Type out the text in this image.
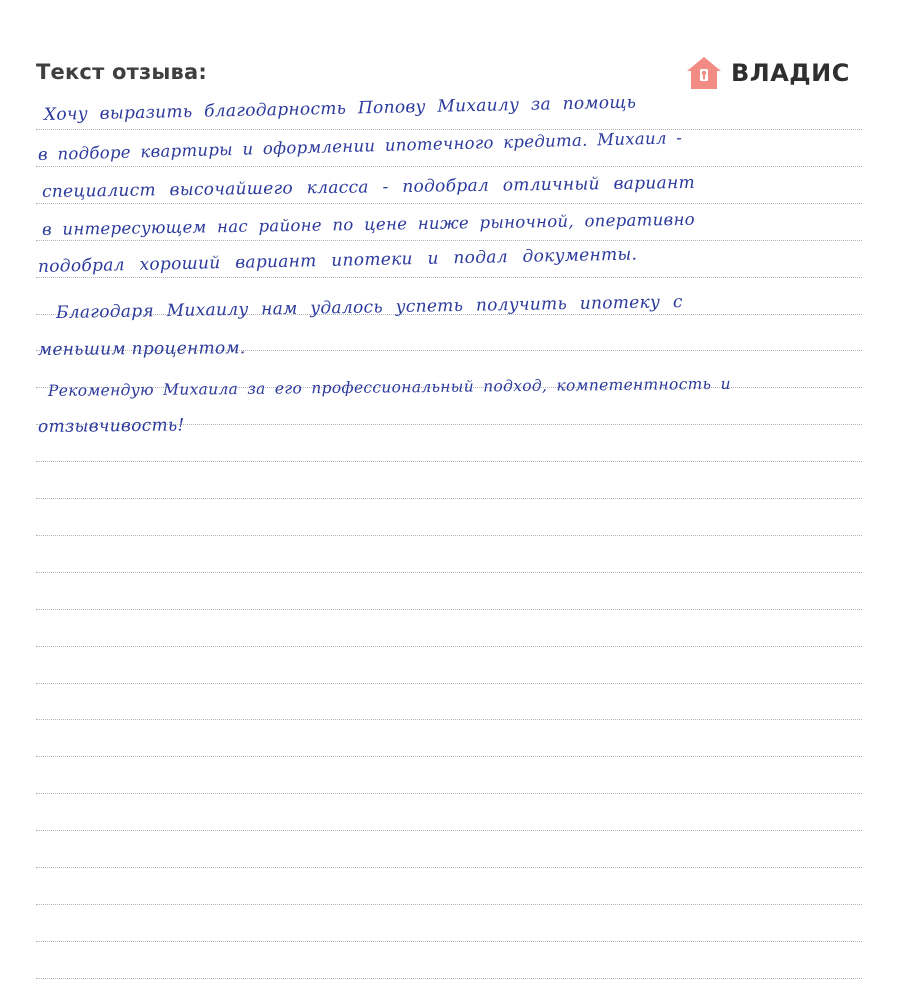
Текст отзыва:	ВЛАДИС
Хочу выразить благодарность Попову Михаилу за помощь
в подборе квартиры и оформлении ипотечного кредита. Михаил -
специалист высочайшего класса - подобрал отличный вариант
в интересующем нас районе по цене ниже рыночной, оперативно
подобрал хороший вариант ипотеки и подал документы.
Благодаря Михаилу нам удалось успеть получить ипотеку с
меньшим процентом.
Рекомендую Михаила за его профессиональный подход, компетентность и
отзывчивость!
